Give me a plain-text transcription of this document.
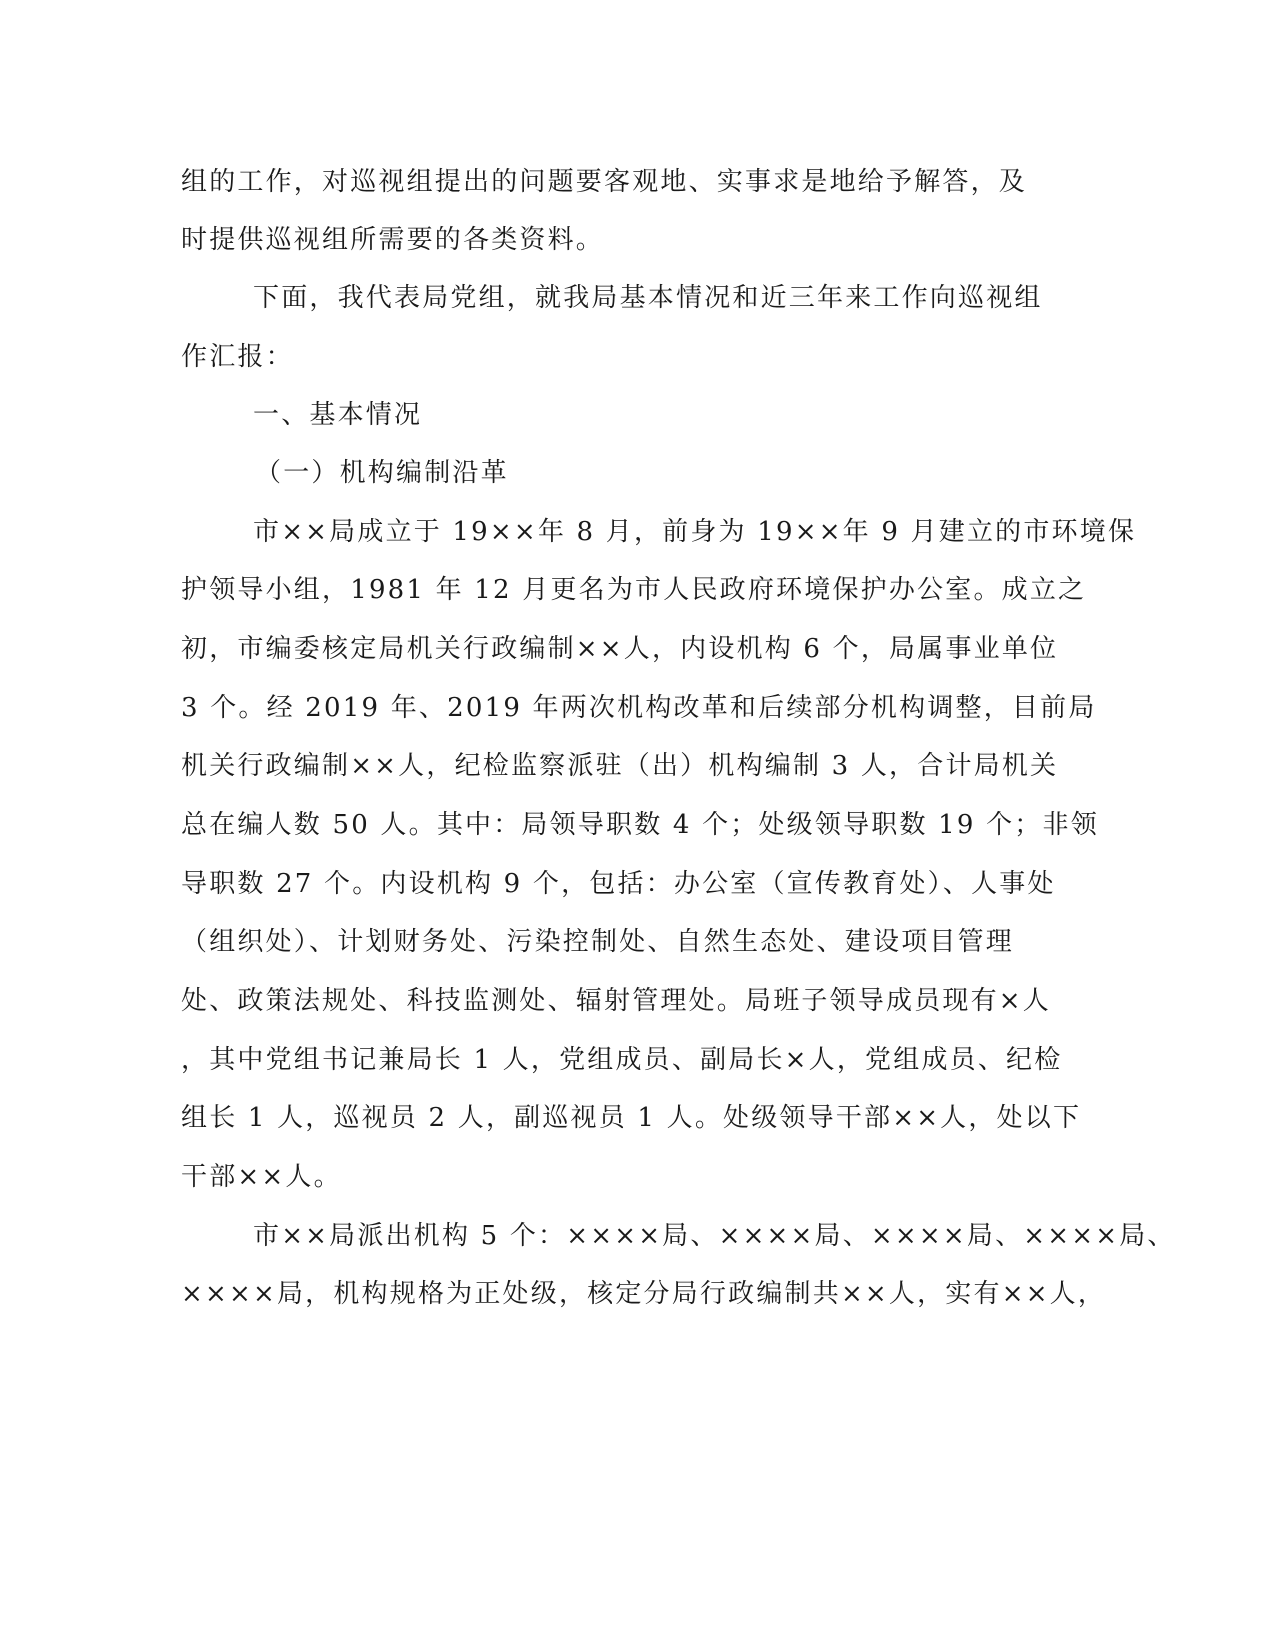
组的工作，对巡视组提出的问题要客观地、实事求是地给予解答，及
时提供巡视组所需要的各类资料。
下面，我代表局党组，就我局基本情况和近三年来工作向巡视组
作汇报：
一、基本情况
（一）机构编制沿革
市××局成立于 19××年 8 月，前身为 19××年 9 月建立的市环境保
护领导小组，1981 年 12 月更名为市人民政府环境保护办公室。成立之
初，市编委核定局机关行政编制××人，内设机构 6 个，局属事业单位
3 个。经 2019 年、2019 年两次机构改革和后续部分机构调整，目前局
机关行政编制××人，纪检监察派驻（出）机构编制 3 人，合计局机关
总在编人数 50 人。其中：局领导职数 4 个；处级领导职数 19 个；非领
导职数 27 个。内设机构 9 个，包括：办公室（宣传教育处）、人事处
（组织处）、计划财务处、污染控制处、自然生态处、建设项目管理
处、政策法规处、科技监测处、辐射管理处。局班子领导成员现有×人
，其中党组书记兼局长 1 人，党组成员、副局长×人，党组成员、纪检
组长 1 人，巡视员 2 人，副巡视员 1 人。处级领导干部××人，处以下
干部××人。
市××局派出机构 5 个：××××局、××××局、××××局、××××局、
××××局，机构规格为正处级，核定分局行政编制共××人，实有××人，
